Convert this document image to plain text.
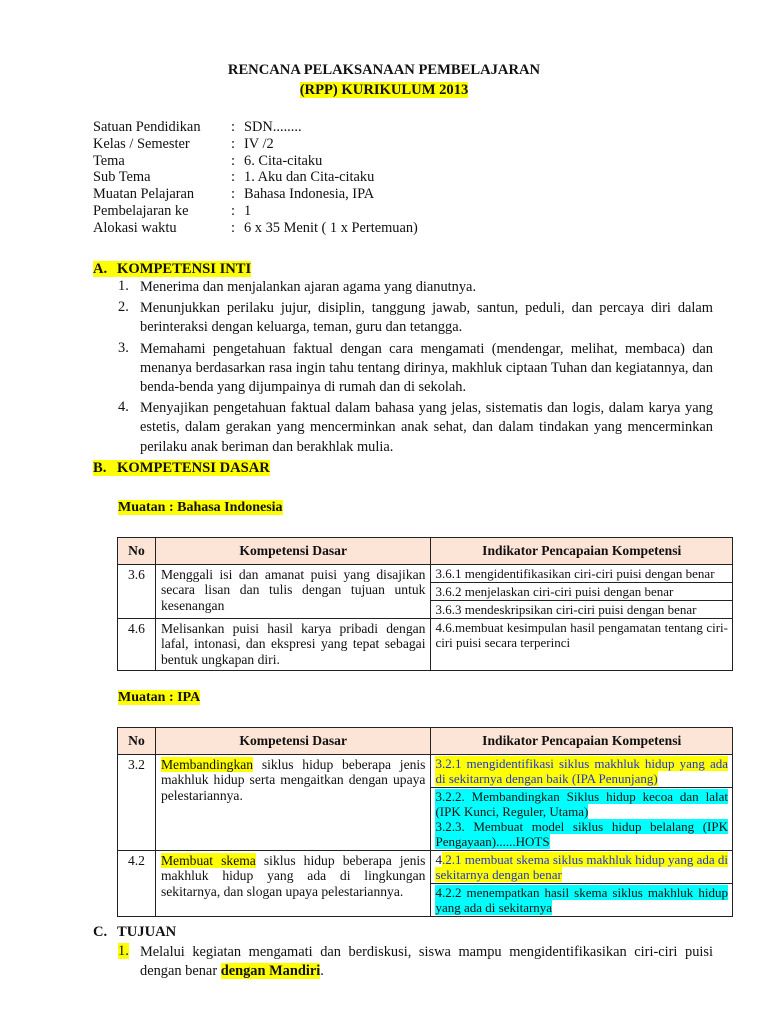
RENCANA PELAKSANAAN PEMBELAJARAN
(RPP) KURIKULUM 2013
Satuan Pendidikan	: SDN........
Kelas / Semester	: IV /2
Tema	: 6. Cita-citaku
Sub Tema	: 1. Aku dan Cita-citaku
Muatan Pelajaran	: Bahasa Indonesia, IPA
Pembelajaran ke	: 1
Alokasi waktu	: 6 x 35 Menit ( 1 x Pertemuan)
A. KOMPETENSI INTI
1. Menerima dan menjalankan ajaran agama yang dianutnya.
2. Menunjukkan perilaku jujur, disiplin, tanggung jawab, santun, peduli, dan percaya diri dalam berinteraksi dengan keluarga, teman, guru dan tetangga.
3. Memahami pengetahuan faktual dengan cara mengamati (mendengar, melihat, membaca) dan menanya berdasarkan rasa ingin tahu tentang dirinya, makhluk ciptaan Tuhan dan kegiatannya, dan benda-benda yang dijumpainya di rumah dan di sekolah.
4. Menyajikan pengetahuan faktual dalam bahasa yang jelas, sistematis dan logis, dalam karya yang estetis, dalam gerakan yang mencerminkan anak sehat, dan dalam tindakan yang mencerminkan perilaku anak beriman dan berakhlak mulia.
B. KOMPETENSI DASAR
Muatan : Bahasa Indonesia
No	Kompetensi Dasar	Indikator Pencapaian Kompetensi
3.6	Menggali isi dan amanat puisi yang disajikan secara lisan dan tulis dengan tujuan untuk kesenangan	3.6.1 mengidentifikasikan ciri-ciri puisi dengan benar
		3.6.2 menjelaskan ciri-ciri puisi dengan benar
		3.6.3 mendeskripsikan ciri-ciri puisi dengan benar
4.6	Melisankan puisi hasil karya pribadi dengan lafal, intonasi, dan ekspresi yang tepat sebagai bentuk ungkapan diri.	4.6.membuat kesimpulan hasil pengamatan tentang ciri-ciri puisi secara terperinci
Muatan : IPA
No	Kompetensi Dasar	Indikator Pencapaian Kompetensi
3.2	Membandingkan siklus hidup beberapa jenis makhluk hidup serta mengaitkan dengan upaya pelestariannya.	3.2.1 mengidentifikasi siklus makhluk hidup yang ada di sekitarnya dengan baik (IPA Penunjang)
		3.2.2. Membandingkan Siklus hidup kecoa dan lalat (IPK Kunci, Reguler, Utama)
3.2.3. Membuat model siklus hidup belalang (IPK Pengayaan)......HOTS
4.2	Membuat skema siklus hidup beberapa jenis makhluk hidup yang ada di lingkungan sekitarnya, dan slogan upaya pelestariannya.	4.2.1 membuat skema siklus makhluk hidup yang ada di sekitarnya dengan benar
		4.2.2 menempatkan hasil skema siklus makhluk hidup yang ada di sekitarnya
C. TUJUAN
1. Melalui kegiatan mengamati dan berdiskusi, siswa mampu mengidentifikasikan ciri-ciri puisi dengan benar dengan Mandiri.
